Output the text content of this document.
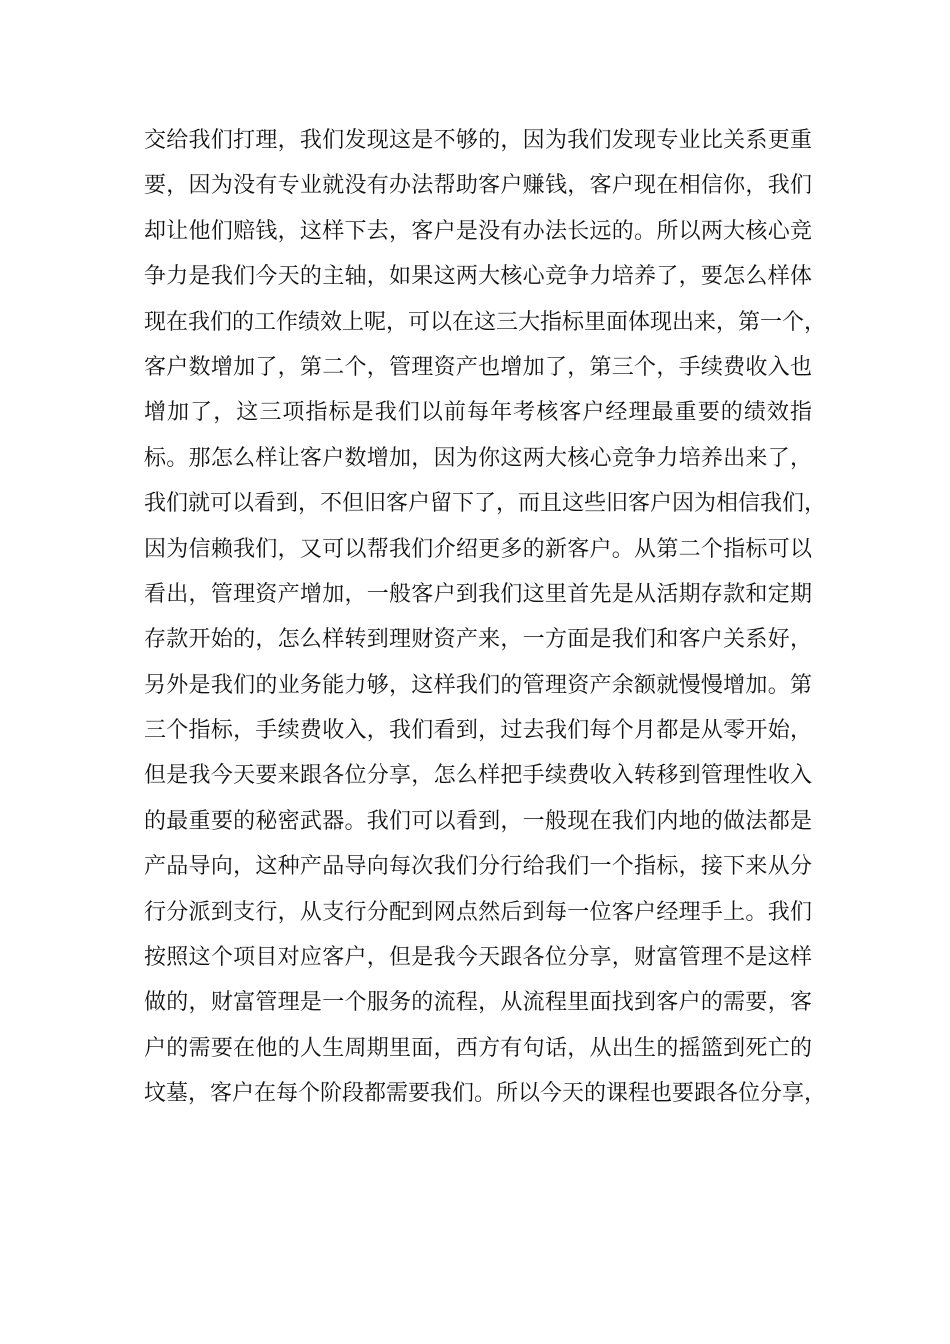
交给我们打理，我们发现这是不够的，因为我们发现专业比关系更重
要，因为没有专业就没有办法帮助客户赚钱，客户现在相信你，我们
却让他们赔钱，这样下去，客户是没有办法长远的。所以两大核心竞
争力是我们今天的主轴，如果这两大核心竞争力培养了，要怎么样体
现在我们的工作绩效上呢，可以在这三大指标里面体现出来，第一个，
客户数增加了，第二个，管理资产也增加了，第三个，手续费收入也
增加了，这三项指标是我们以前每年考核客户经理最重要的绩效指
标。那怎么样让客户数增加，因为你这两大核心竞争力培养出来了，
我们就可以看到，不但旧客户留下了，而且这些旧客户因为相信我们，
因为信赖我们，又可以帮我们介绍更多的新客户。从第二个指标可以
看出，管理资产增加，一般客户到我们这里首先是从活期存款和定期
存款开始的，怎么样转到理财资产来，一方面是我们和客户关系好，
另外是我们的业务能力够，这样我们的管理资产余额就慢慢增加。第
三个指标，手续费收入，我们看到，过去我们每个月都是从零开始，
但是我今天要来跟各位分享，怎么样把手续费收入转移到管理性收入
的最重要的秘密武器。我们可以看到，一般现在我们内地的做法都是
产品导向，这种产品导向每次我们分行给我们一个指标，接下来从分
行分派到支行，从支行分配到网点然后到每一位客户经理手上。我们
按照这个项目对应客户，但是我今天跟各位分享，财富管理不是这样
做的，财富管理是一个服务的流程，从流程里面找到客户的需要，客
户的需要在他的人生周期里面，西方有句话，从出生的摇篮到死亡的
坟墓，客户在每个阶段都需要我们。所以今天的课程也要跟各位分享，
